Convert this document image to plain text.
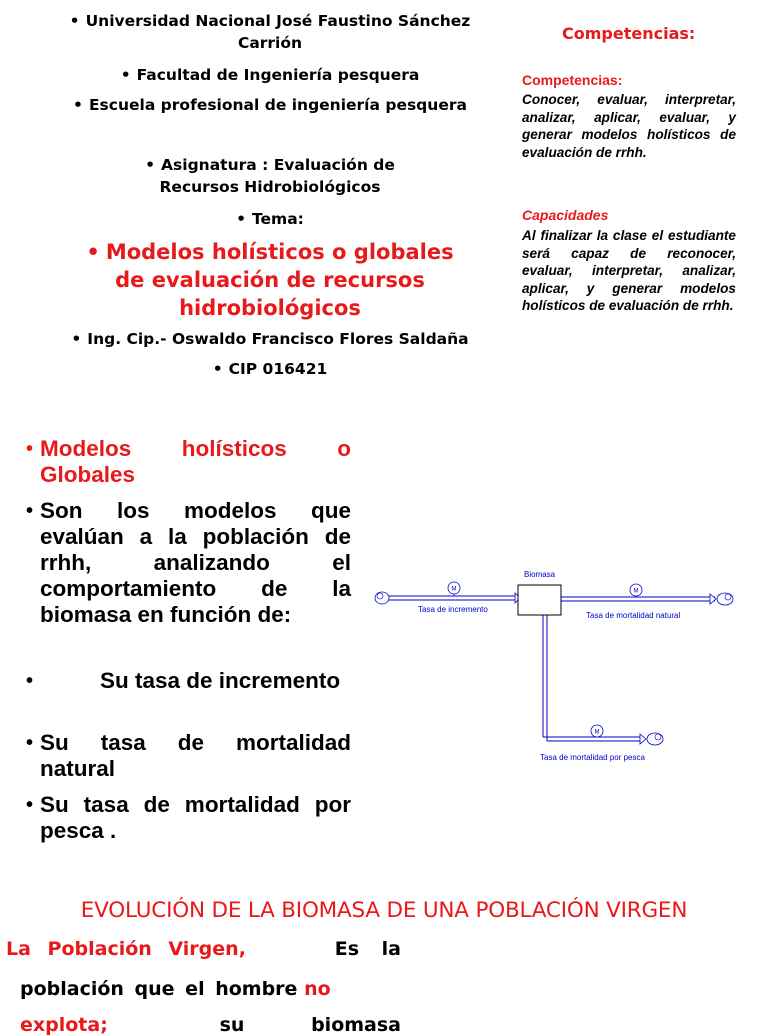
• Universidad Nacional José Faustino Sánchez Carrión
• Facultad de Ingeniería pesquera
• Escuela profesional de ingeniería pesquera
• Asignatura : Evaluación de Recursos Hidrobiológicos
• Tema:
• Modelos holísticos o globales de evaluación de recursos hidrobiológicos
• Ing. Cip.- Oswaldo Francisco Flores Saldaña
• CIP 016421
Competencias:
Competencias:
Conocer, evaluar, interpretar, analizar, aplicar, evaluar, y generar modelos holísticos de evaluación de rrhh.
Capacidades
Al finalizar la clase el estudiante será capaz de reconocer, evaluar, interpretar, analizar, aplicar, y generar modelos holísticos de evaluación de rrhh.
• Modelos holísticos o Globales
• Son los modelos que evalúan a la población de rrhh, analizando el comportamiento de la biomasa en función de:
•	Su tasa de incremento
• Su tasa de mortalidad natural
• Su tasa de mortalidad por pesca .
M
Tasa de incremento
Biomasa
M
Tasa de mortalidad natural
M
Tasa de mortalidad por pesca
EVOLUCIÓN DE LA BIOMASA DE UNA POBLACIÓN VIRGEN
La Población Virgen,	Es la
población que el hombre no
explota;	su biomasa
